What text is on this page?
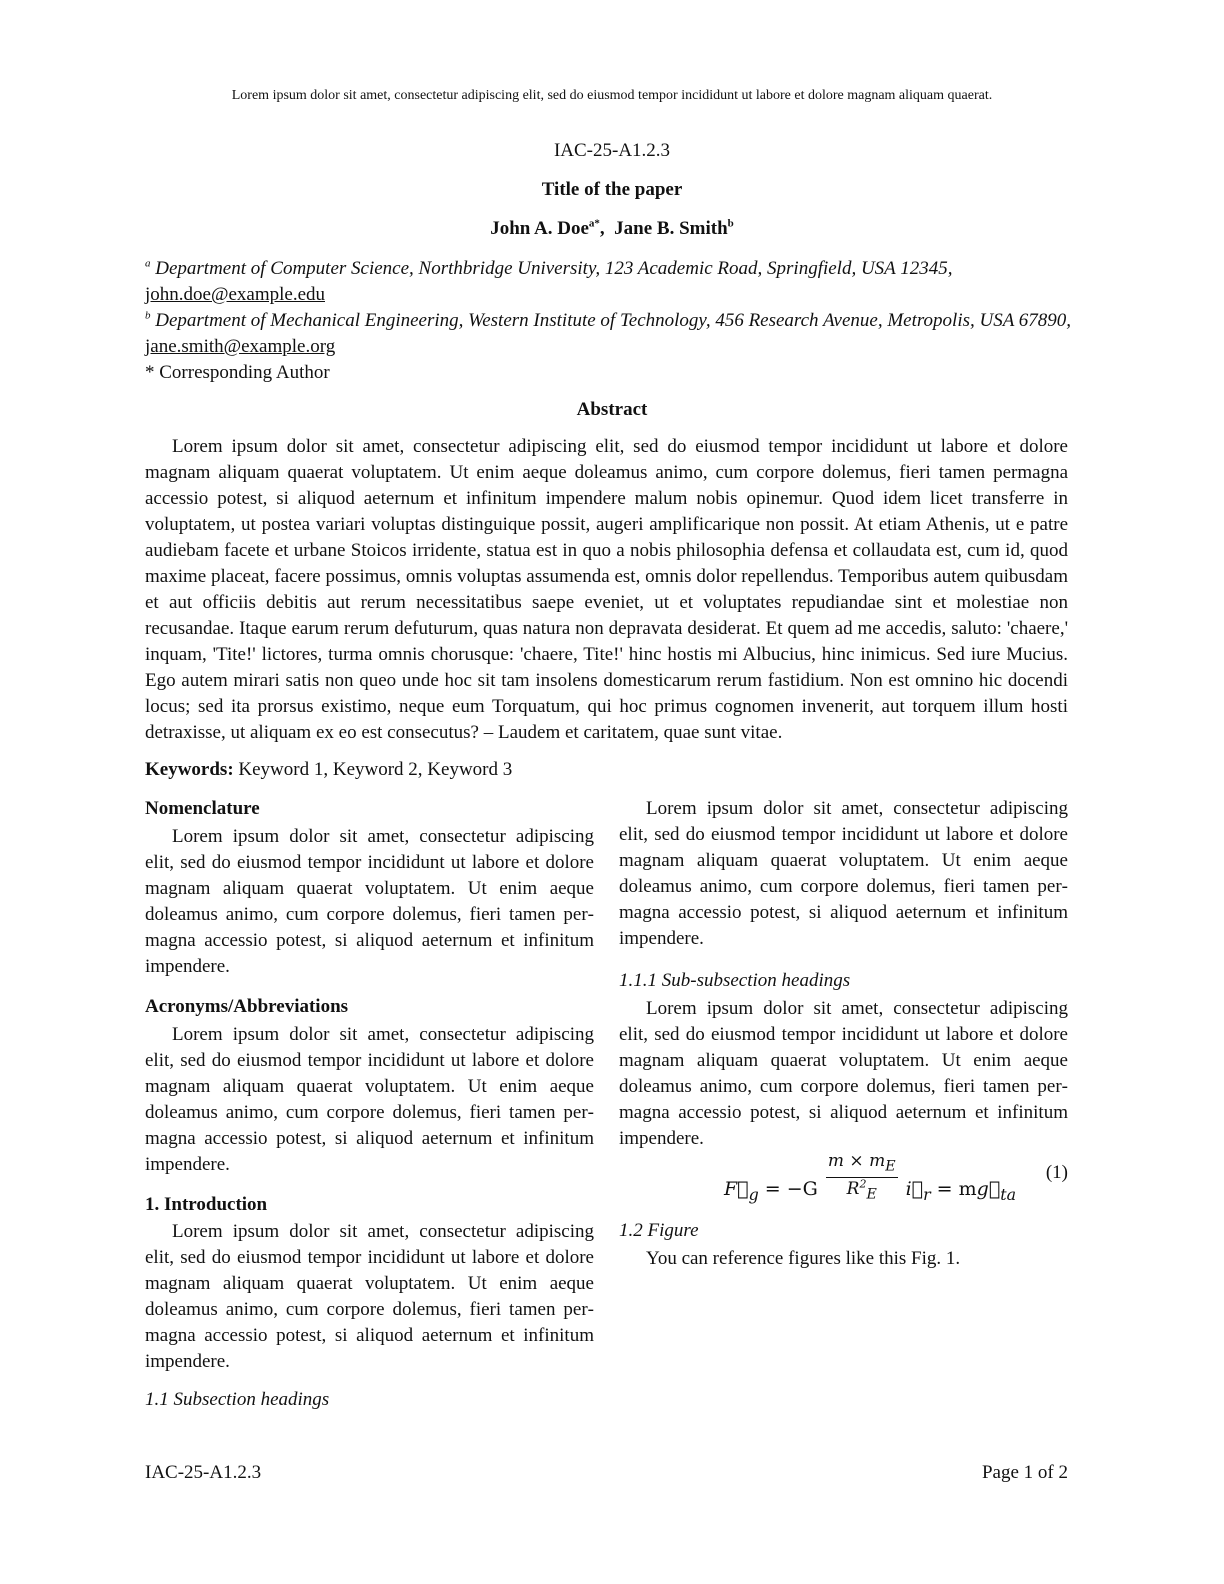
Lorem ipsum dolor sit amet, consectetur adipiscing elit, sed do eiusmod tempor incididunt ut labore et dolore magnam aliquam quaerat.
IAC-25-A1.2.3
Title of the paper
John A. Doe$^{a*}$,  Jane B. Smith$^b$
$^a$ Department of Computer Science, Northbridge University, 123 Academic Road, Springfield, USA 12345,
john.doe@example.edu
$^b$ Department of Mechanical Engineering, Western Institute of Technology, 456 Research Avenue, Metropolis, USA 67890, jane.smith@example.org
* Corresponding Author
Abstract
Lorem ipsum dolor sit amet, consectetur adipiscing elit, sed do eiusmod tempor incididunt ut labore et dolore magnam aliquam quaerat voluptatem. Ut enim aeque doleamus animo, cum corpore dolemus, fieri tamen permagna accessio potest, si aliquod aeternum et infinitum impendere malum nobis opinemur. Quod idem licet transferre in voluptatem, ut postea variari voluptas distinguique possit, augeri amplificarique non possit. At etiam Athenis, ut e patre audiebam facete et urbane Stoicos irridente, statua est in quo a nobis philosophia defensa et collaudata est, cum id, quod maxime placeat, facere possimus, omnis voluptas assumenda est, omnis dolor repellendus. Temporibus autem quibusdam et aut officiis debitis aut rerum necessitatibus saepe eveniet, ut et voluptates repudiandae sint et molestiae non recusandae. Itaque earum rerum defuturum, quas natura non depravata desiderat. Et quem ad me accedis, saluto: 'chaere,' inquam, 'Tite!' lictores, turma omnis chorusque: 'chaere, Tite!' hinc hostis mi Albucius, hinc inimicus. Sed iure Mucius. Ego autem mirari satis non queo unde hoc sit tam insolens domesticarum rerum fastidium. Non est omnino hic docendi locus; sed ita prorsus existimo, neque eum Torquatum, qui hoc primus cognomen invenerit, aut torquem illum hosti detraxisse, ut aliquam ex eo est consecutus? – Laudem et caritatem, quae sunt vitae.
Keywords: Keyword 1, Keyword 2, Keyword 3
Nomenclature
Lorem ipsum dolor sit amet, consectetur adipiscing elit, sed do eiusmod tempor incididunt ut labore et dolore magnam aliquam quaerat voluptatem. Ut enim aeque doleamus animo, cum corpore dolemus, fieri tamen permagna accessio potest, si aliquod aeternum et infinitum impendere.
Acronyms/Abbreviations
Lorem ipsum dolor sit amet, consectetur adipiscing elit, sed do eiusmod tempor incididunt ut labore et dolore magnam aliquam quaerat voluptatem. Ut enim aeque doleamus animo, cum corpore dolemus, fieri tamen permagna accessio potest, si aliquod aeternum et infinitum impendere.
1. Introduction
Lorem ipsum dolor sit amet, consectetur adipiscing elit, sed do eiusmod tempor incididunt ut labore et dolore magnam aliquam quaerat voluptatem. Ut enim aeque doleamus animo, cum corpore dolemus, fieri tamen permagna accessio potest, si aliquod aeternum et infinitum impendere.
1.1 Subsection headings
Lorem ipsum dolor sit amet, consectetur adipiscing elit, sed do eiusmod tempor incididunt ut labore et dolore magnam aliquam quaerat voluptatem. Ut enim aeque doleamus animo, cum corpore dolemus, fieri tamen permagna accessio potest, si aliquod aeternum et infinitum impendere.
1.1.1 Sub-subsection headings
Lorem ipsum dolor sit amet, consectetur adipiscing elit, sed do eiusmod tempor incididunt ut labore et dolore magnam aliquam quaerat voluptatem. Ut enim aeque doleamus animo, cum corpore dolemus, fieri tamen permagna accessio potest, si aliquod aeternum et infinitum impendere.
$F⃗_g = -G \frac{m \times m_E}{R^2_E}$ $i⃗_r$ = $mg⃗_{ta}$
(1)
1.2 Figure
You can reference figures like this Fig. 1.
IAC-25-A1.2.3	Page 1 of 2
